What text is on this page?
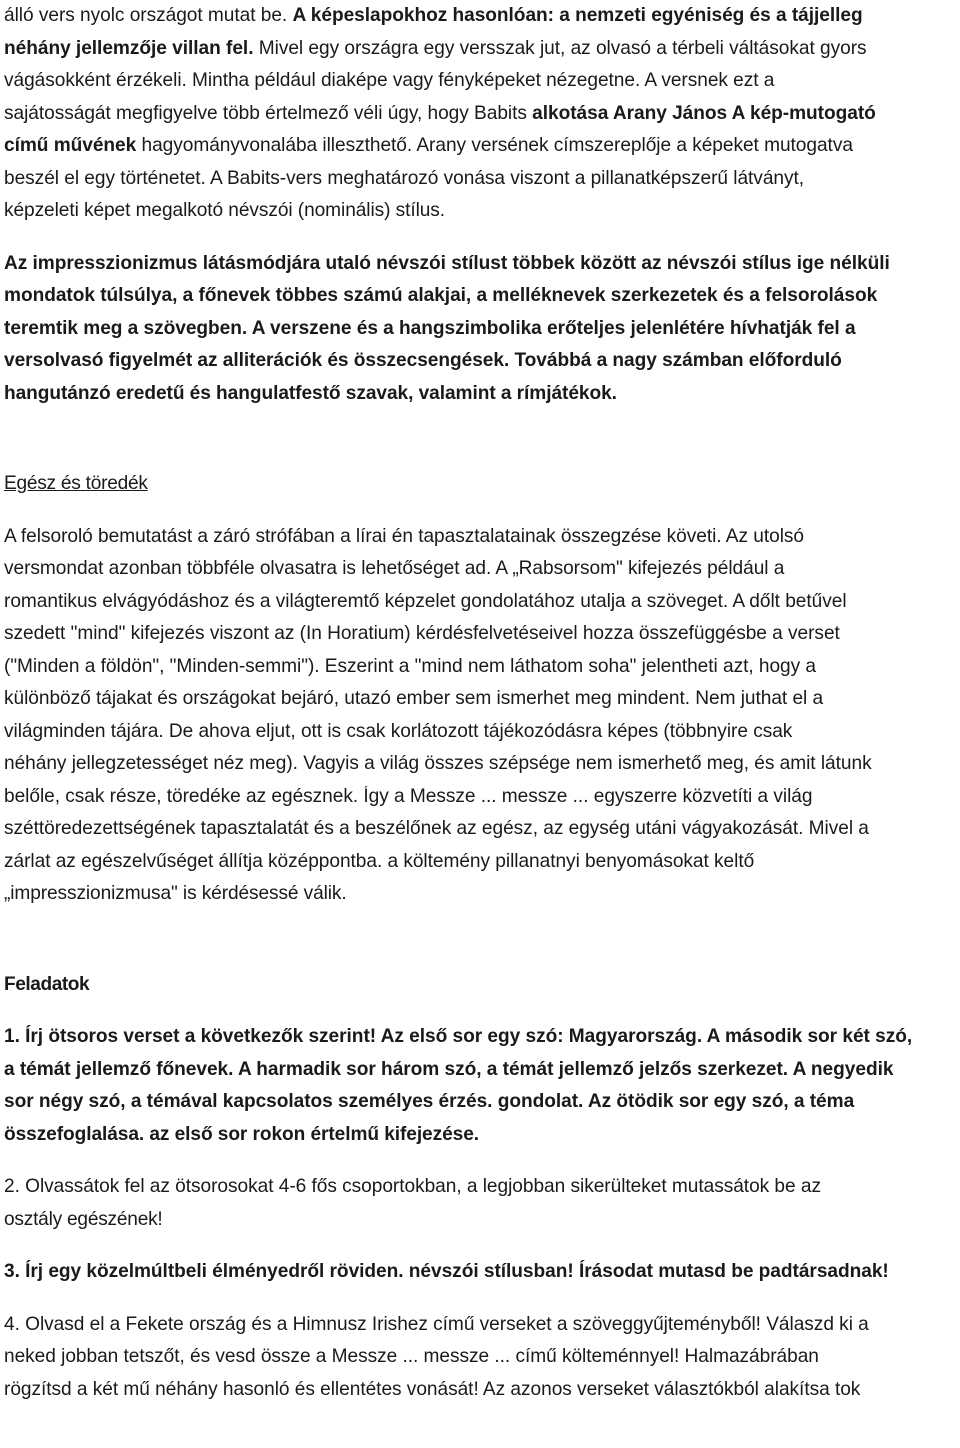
álló vers nyolc országot mutat be. A képeslapokhoz hasonlóan: a nemzeti egyéniség és a tájjelleg
néhány jellemzője villan fel. Mivel egy országra egy versszak jut, az olvasó a térbeli váltásokat gyors
vágásokként érzékeli. Mintha például diaképe vagy fényképeket nézegetne. A versnek ezt a
sajátosságát megfigyelve több értelmező véli úgy, hogy Babits alkotása Arany János A kép-mutogató
című művének hagyományvonalába illeszthető. Arany versének címszereplője a képeket mutogatva
beszél el egy történetet. A Babits-vers meghatározó vonása viszont a pillanatképszerű látványt,
képzeleti képet megalkotó névszói (nominális) stílus.
Az impresszionizmus látásmódjára utaló névszói stílust többek között az névszói stílus ige nélküli
mondatok túlsúlya, a főnevek többes számú alakjai, a melléknevek szerkezetek és a felsorolások
teremtik meg a szövegben. A verszene és a hangszimbolika erőteljes jelenlétére hívhatják fel a
versolvasó figyelmét az alliterációk és összecsengések. Továbbá a nagy számban előforduló
hangutánzó eredetű és hangulatfestő szavak, valamint a rímjátékok.
Egész és töredék
A felsoroló bemutatást a záró strófában a lírai én tapasztalatainak összegzése követi. Az utolsó
versmondat azonban többféle olvasatra is lehetőséget ad. A „Rabsorsom" kifejezés például a
romantikus elvágyódáshoz és a világteremtő képzelet gondolatához utalja a szöveget. A dőlt betűvel
szedett "mind" kifejezés viszont az (In Horatium) kérdésfelvetéseivel hozza összefüggésbe a verset
("Minden a földön", "Minden-semmi"). Eszerint a "mind nem láthatom soha" jelentheti azt, hogy a
különböző tájakat és országokat bejáró, utazó ember sem ismerhet meg mindent. Nem juthat el a
világminden tájára. De ahova eljut, ott is csak korlátozott tájékozódásra képes (többnyire csak
néhány jellegzetességet néz meg). Vagyis a világ összes szépsége nem ismerhető meg, és amit látunk
belőle, csak része, töredéke az egésznek. Így a Messze ... messze ... egyszerre közvetíti a világ
széttöredezettségének tapasztalatát és a beszélőnek az egész, az egység utáni vágyakozását. Mivel a
zárlat az egészelvűséget állítja középpontba. a költemény pillanatnyi benyomásokat keltő
„impresszionizmusa" is kérdésessé válik.
Feladatok
1. Írj ötsoros verset a következők szerint! Az első sor egy szó: Magyarország. A második sor két szó,
a témát jellemző főnevek. A harmadik sor három szó, a témát jellemző jelzős szerkezet. A negyedik
sor négy szó, a témával kapcsolatos személyes érzés. gondolat. Az ötödik sor egy szó, a téma
összefoglalása. az első sor rokon értelmű kifejezése.
2. Olvassátok fel az ötsorosokat 4-6 fős csoportokban, a legjobban sikerülteket mutassátok be az
osztály egészének!
3. Írj egy közelmúltbeli élményedről röviden. névszói stílusban! Írásodat mutasd be padtársadnak!
4. Olvasd el a Fekete ország és a Himnusz Irishez című verseket a szöveggyűjteményből! Válaszd ki a
neked jobban tetszőt, és vesd össze a Messze ... messze ... című költeménnyel! Halmazábrában
rögzítsd a két mű néhány hasonló és ellentétes vonását! Az azonos verseket választókból alakítsa tok
